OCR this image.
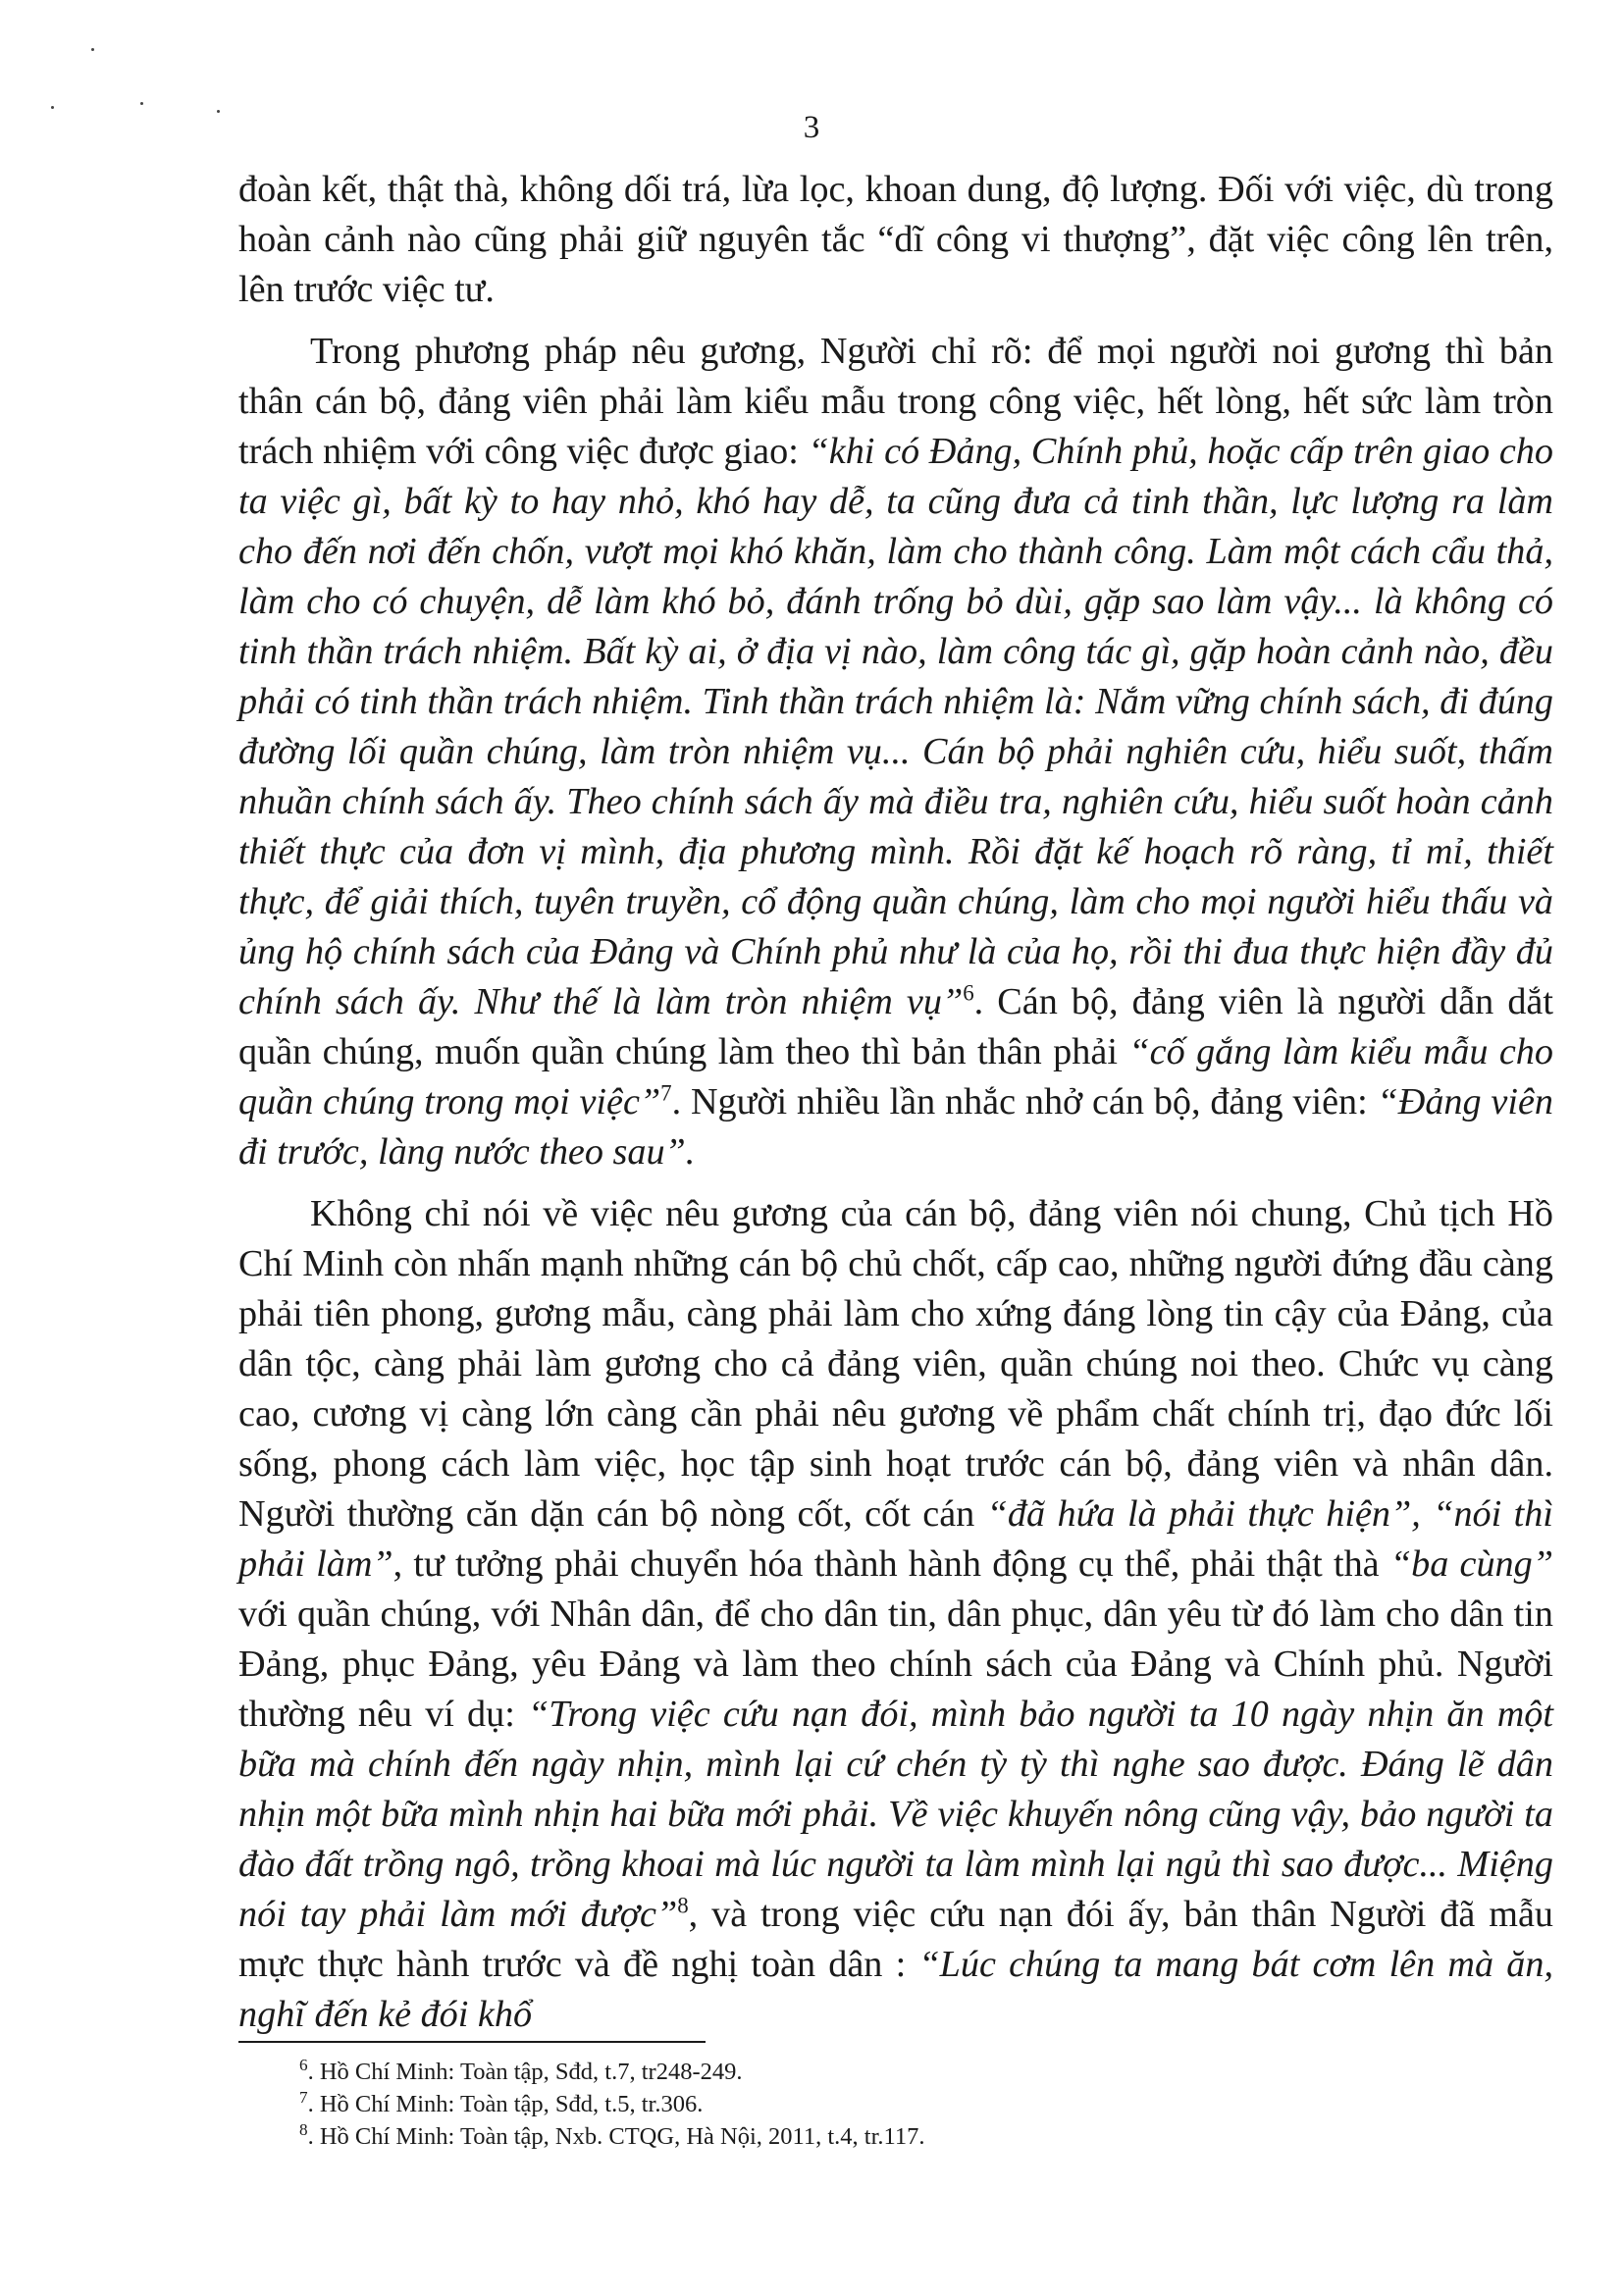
3

đoàn kết, thật thà, không dối trá, lừa lọc, khoan dung, độ lượng. Đối với việc, dù trong hoàn cảnh nào cũng phải giữ nguyên tắc “dĩ công vi thượng”, đặt việc công lên trên, lên trước việc tư.

Trong phương pháp nêu gương, Người chỉ rõ: để mọi người noi gương thì bản thân cán bộ, đảng viên phải làm kiểu mẫu trong công việc, hết lòng, hết sức làm tròn trách nhiệm với công việc được giao: “khi có Đảng, Chính phủ, hoặc cấp trên giao cho ta việc gì, bất kỳ to hay nhỏ, khó hay dễ, ta cũng đưa cả tinh thần, lực lượng ra làm cho đến nơi đến chốn, vượt mọi khó khăn, làm cho thành công. Làm một cách cẩu thả, làm cho có chuyện, dễ làm khó bỏ, đánh trống bỏ dùi, gặp sao làm vậy... là không có tinh thần trách nhiệm. Bất kỳ ai, ở địa vị nào, làm công tác gì, gặp hoàn cảnh nào, đều phải có tinh thần trách nhiệm. Tinh thần trách nhiệm là: Nắm vững chính sách, đi đúng đường lối quần chúng, làm tròn nhiệm vụ... Cán bộ phải nghiên cứu, hiểu suốt, thấm nhuần chính sách ấy. Theo chính sách ấy mà điều tra, nghiên cứu, hiểu suốt hoàn cảnh thiết thực của đơn vị mình, địa phương mình. Rồi đặt kế hoạch rõ ràng, tỉ mỉ, thiết thực, để giải thích, tuyên truyền, cổ động quần chúng, làm cho mọi người hiểu thấu và ủng hộ chính sách của Đảng và Chính phủ như là của họ, rồi thi đua thực hiện đầy đủ chính sách ấy. Như thế là làm tròn nhiệm vụ”$^6$. Cán bộ, đảng viên là người dẫn dắt quần chúng, muốn quần chúng làm theo thì bản thân phải “cố gắng làm kiểu mẫu cho quần chúng trong mọi việc”$^7$. Người nhiều lần nhắc nhở cán bộ, đảng viên: “Đảng viên đi trước, làng nước theo sau”.

Không chỉ nói về việc nêu gương của cán bộ, đảng viên nói chung, Chủ tịch Hồ Chí Minh còn nhấn mạnh những cán bộ chủ chốt, cấp cao, những người đứng đầu càng phải tiên phong, gương mẫu, càng phải làm cho xứng đáng lòng tin cậy của Đảng, của dân tộc, càng phải làm gương cho cả đảng viên, quần chúng noi theo. Chức vụ càng cao, cương vị càng lớn càng cần phải nêu gương về phẩm chất chính trị, đạo đức lối sống, phong cách làm việc, học tập sinh hoạt trước cán bộ, đảng viên và nhân dân. Người thường căn dặn cán bộ nòng cốt, cốt cán “đã hứa là phải thực hiện”, “nói thì phải làm”, tư tưởng phải chuyển hóa thành hành động cụ thể, phải thật thà “ba cùng” với quần chúng, với Nhân dân, để cho dân tin, dân phục, dân yêu từ đó làm cho dân tin Đảng, phục Đảng, yêu Đảng và làm theo chính sách của Đảng và Chính phủ. Người thường nêu ví dụ: “Trong việc cứu nạn đói, mình bảo người ta 10 ngày nhịn ăn một bữa mà chính đến ngày nhịn, mình lại cứ chén tỳ tỳ thì nghe sao được. Đáng lẽ dân nhịn một bữa mình nhịn hai bữa mới phải. Về việc khuyến nông cũng vậy, bảo người ta đào đất trồng ngô, trồng khoai mà lúc người ta làm mình lại ngủ thì sao được... Miệng nói tay phải làm mới được”$^8$, và trong việc cứu nạn đói ấy, bản thân Người đã mẫu mực thực hành trước và đề nghị toàn dân : “Lúc chúng ta mang bát cơm lên mà ăn, nghĩ đến kẻ đói khổ

$^6$. Hồ Chí Minh: Toàn tập, Sđd, t.7, tr248-249.
$^7$. Hồ Chí Minh: Toàn tập, Sđd, t.5, tr.306.
$^8$. Hồ Chí Minh: Toàn tập, Nxb. CTQG, Hà Nội, 2011, t.4, tr.117.
